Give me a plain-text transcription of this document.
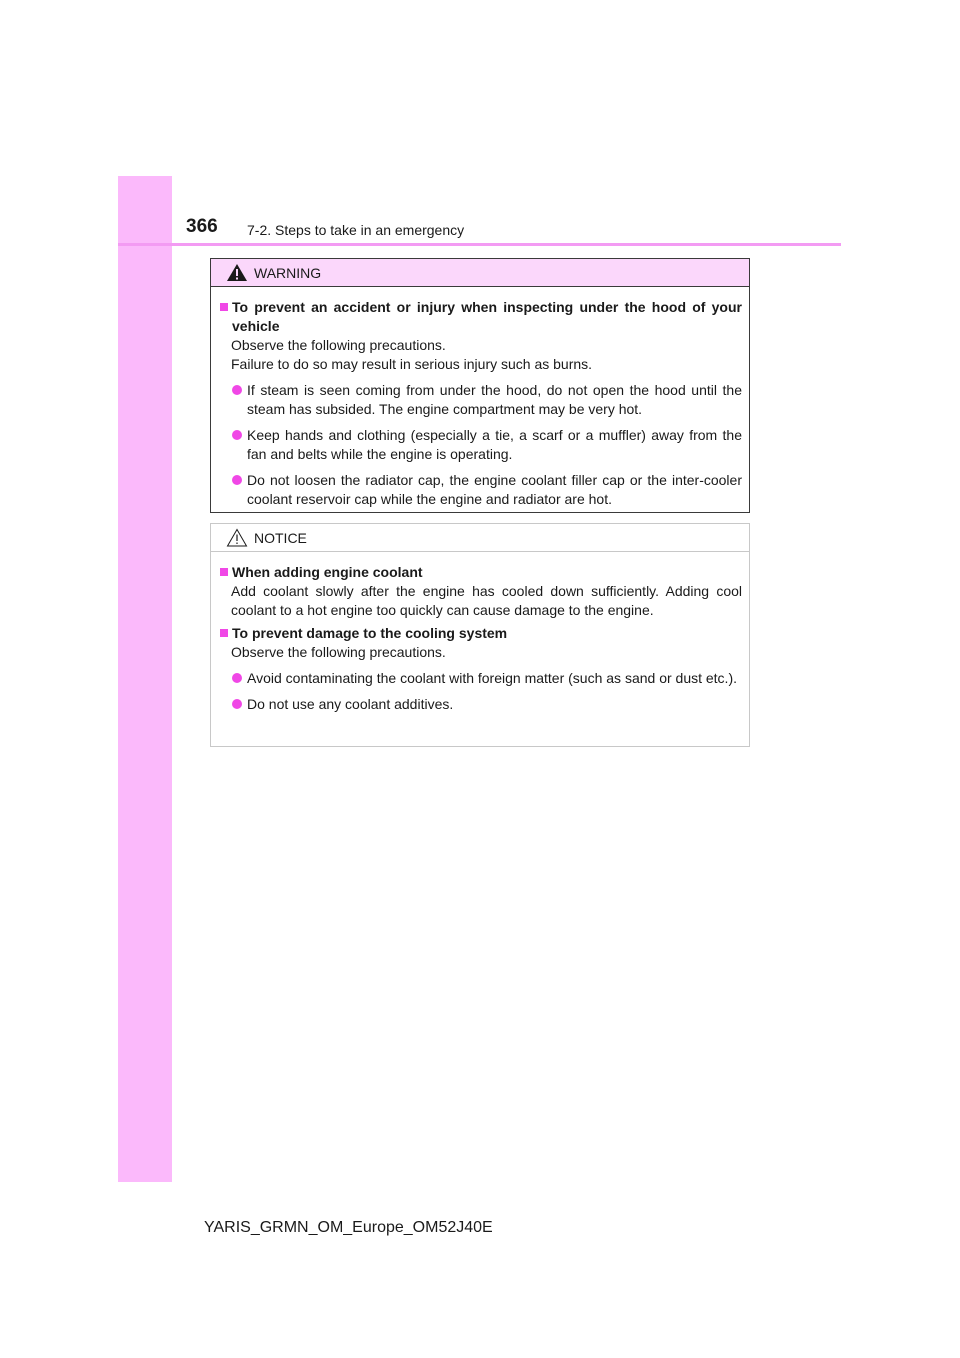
366 7-2. Steps to take in an emergency
WARNING
To prevent an accident or injury when inspecting under the hood of your vehicle
Observe the following precautions.
Failure to do so may result in serious injury such as burns.
If steam is seen coming from under the hood, do not open the hood until the steam has subsided. The engine compartment may be very hot.
Keep hands and clothing (especially a tie, a scarf or a muffler) away from the fan and belts while the engine is operating.
Do not loosen the radiator cap, the engine coolant filler cap or the inter-cooler coolant reservoir cap while the engine and radiator are hot.
NOTICE
When adding engine coolant
Add coolant slowly after the engine has cooled down sufficiently. Adding cool coolant to a hot engine too quickly can cause damage to the engine.
To prevent damage to the cooling system
Observe the following precautions.
Avoid contaminating the coolant with foreign matter (such as sand or dust etc.).
Do not use any coolant additives.
YARIS_GRMN_OM_Europe_OM52J40E
